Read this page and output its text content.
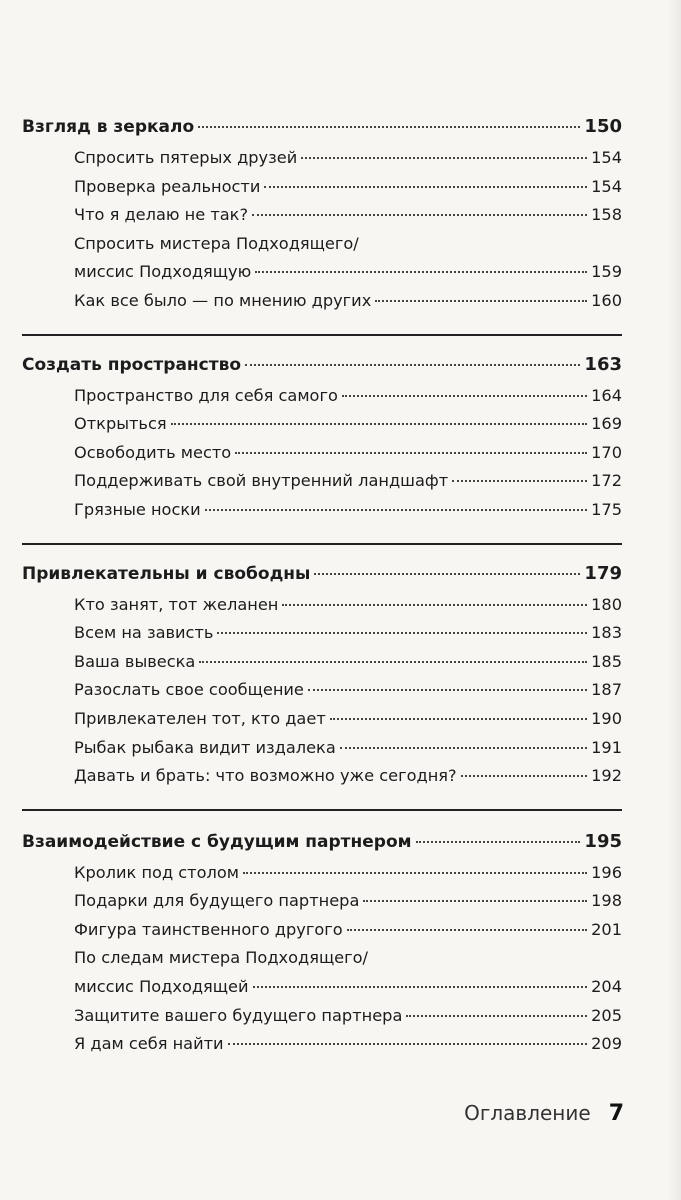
Взгляд в зеркало	150
Спросить пятерых друзей	154
Проверка реальности	154
Что я делаю не так?	158
Спросить мистера Подходящего/
миссис Подходящую	159
Как все было — по мнению других	160
Создать пространство	163
Пространство для себя самого	164
Открыться	169
Освободить место	170
Поддерживать свой внутренний ландшафт	172
Грязные носки	175
Привлекательны и свободны	179
Кто занят, тот желанен	180
Всем на зависть	183
Ваша вывеска	185
Разослать свое сообщение	187
Привлекателен тот, кто дает	190
Рыбак рыбака видит издалека	191
Давать и брать: что возможно уже сегодня?	192
Взаимодействие с будущим партнером	195
Кролик под столом	196
Подарки для будущего партнера	198
Фигура таинственного другого	201
По следам мистера Подходящего/
миссис Подходящей	204
Защитите вашего будущего партнера	205
Я дам себя найти	209
Оглавление 7
